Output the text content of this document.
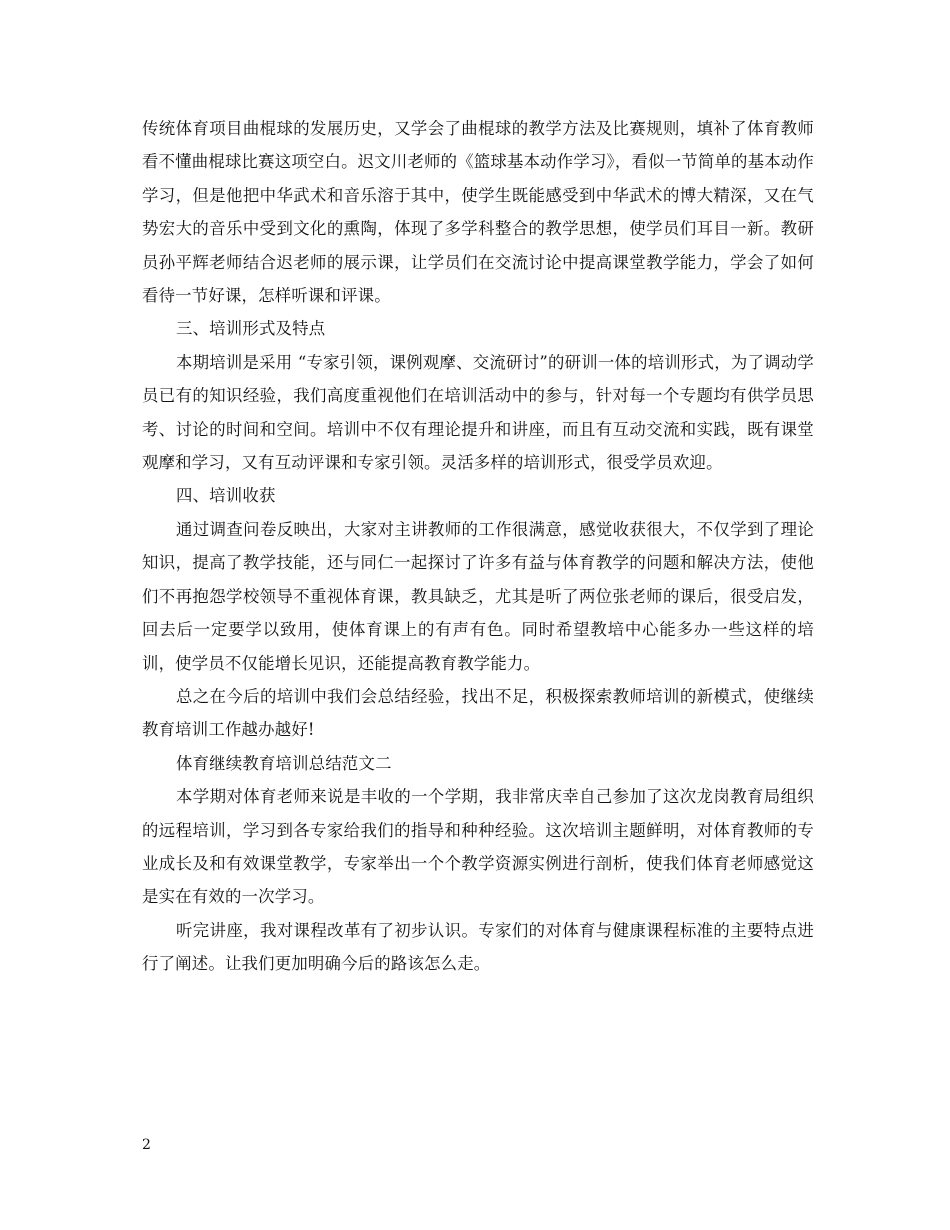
传统体育项目曲棍球的发展历史，又学会了曲棍球的教学方法及比赛规则，填补了体育教师看不懂曲棍球比赛这项空白。迟文川老师的《篮球基本动作学习》，看似一节简单的基本动作学习，但是他把中华武术和音乐溶于其中，使学生既能感受到中华武术的博大精深，又在气势宏大的音乐中受到文化的熏陶，体现了多学科整合的教学思想，使学员们耳目一新。教研员孙平辉老师结合迟老师的展示课，让学员们在交流讨论中提高课堂教学能力，学会了如何看待一节好课，怎样听课和评课。

三、培训形式及特点

本期培训是采用 “专家引领，课例观摩、交流研讨”的研训一体的培训形式，为了调动学员已有的知识经验，我们高度重视他们在培训活动中的参与，针对每一个专题均有供学员思考、讨论的时间和空间。培训中不仅有理论提升和讲座，而且有互动交流和实践，既有课堂观摩和学习，又有互动评课和专家引领。灵活多样的培训形式，很受学员欢迎。

四、培训收获

通过调查问卷反映出，大家对主讲教师的工作很满意，感觉收获很大，不仅学到了理论知识，提高了教学技能，还与同仁一起探讨了许多有益与体育教学的问题和解决方法，使他们不再抱怨学校领导不重视体育课，教具缺乏，尤其是听了两位张老师的课后，很受启发，回去后一定要学以致用，使体育课上的有声有色。同时希望教培中心能多办一些这样的培训，使学员不仅能增长见识，还能提高教育教学能力。

总之在今后的培训中我们会总结经验，找出不足，积极探索教师培训的新模式，使继续教育培训工作越办越好!

体育继续教育培训总结范文二

本学期对体育老师来说是丰收的一个学期，我非常庆幸自己参加了这次龙岗教育局组织的远程培训，学习到各专家给我们的指导和种种经验。这次培训主题鲜明，对体育教师的专业成长及和有效课堂教学，专家举出一个个教学资源实例进行剖析，使我们体育老师感觉这是实在有效的一次学习。

听完讲座，我对课程改革有了初步认识。专家们的对体育与健康课程标准的主要特点进行了阐述。让我们更加明确今后的路该怎么走。

2
